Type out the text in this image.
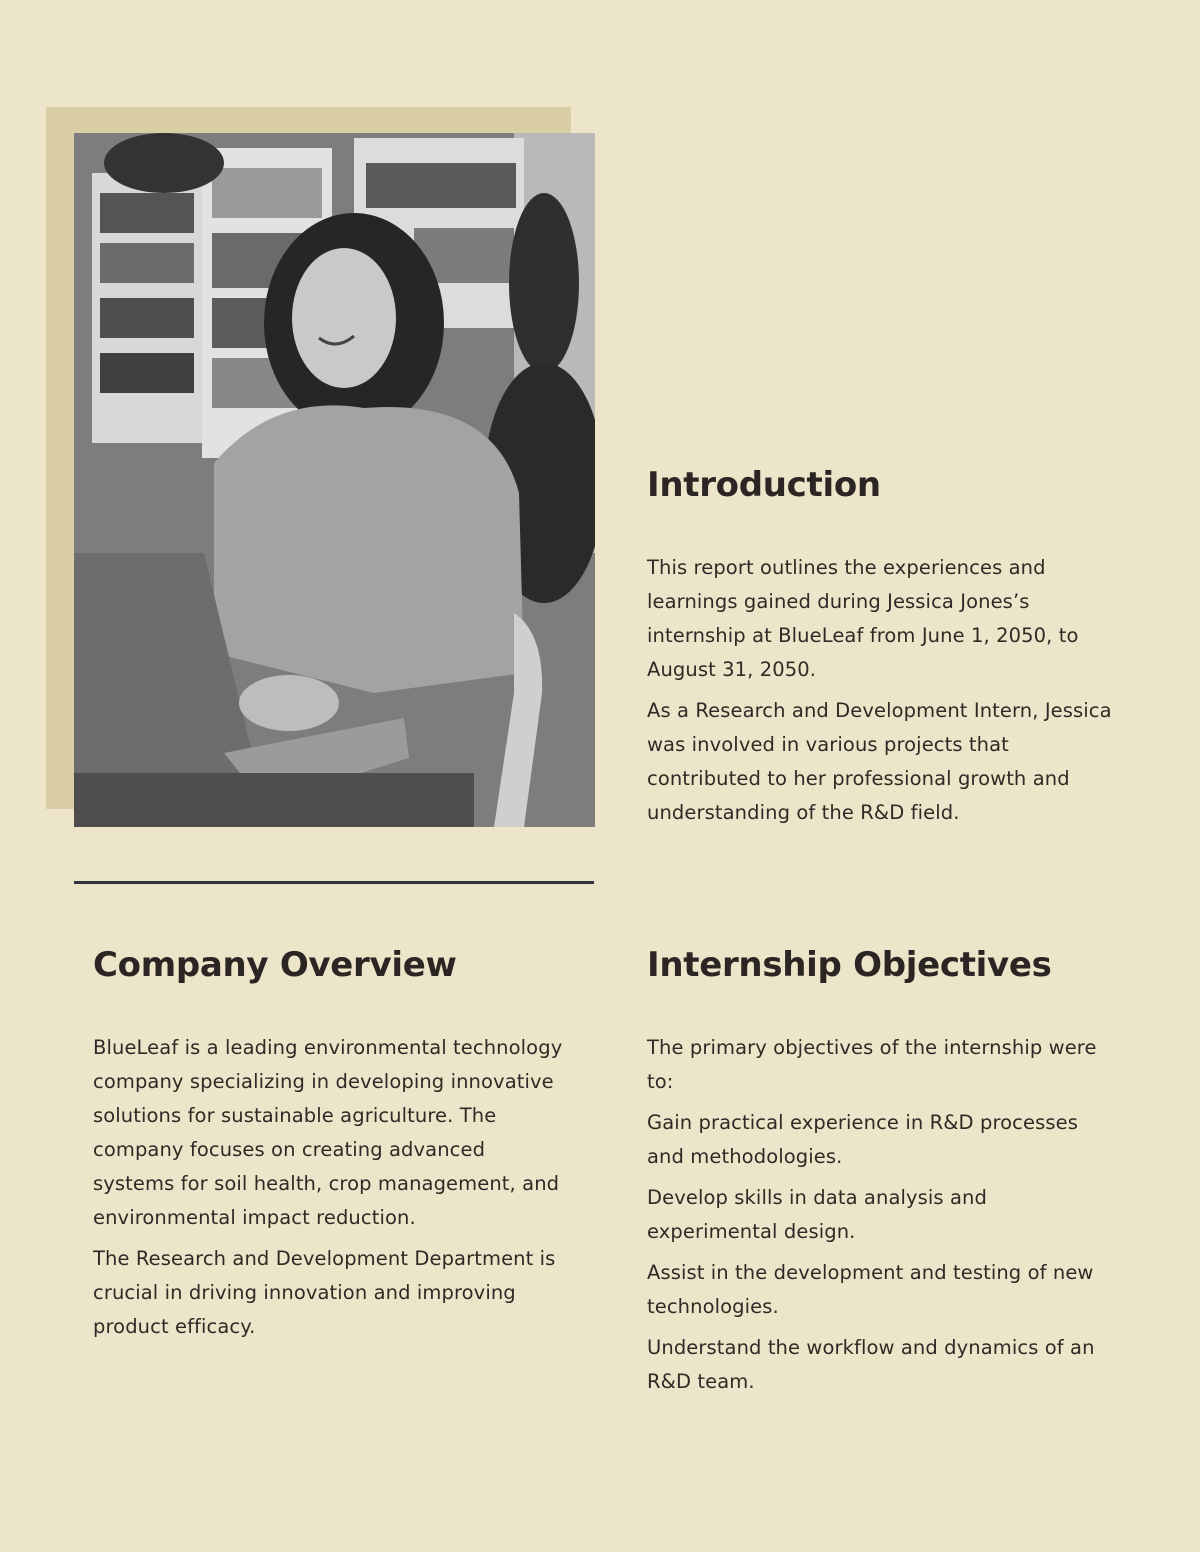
Introduction

This report outlines the experiences and learnings gained during Jessica Jones’s internship at BlueLeaf from June 1, 2050, to August 31, 2050.

As a Research and Development Intern, Jessica was involved in various projects that contributed to her professional growth and understanding of the R&D field.

Company Overview

BlueLeaf is a leading environmental technology company specializing in developing innovative solutions for sustainable agriculture. The company focuses on creating advanced systems for soil health, crop management, and environmental impact reduction.

The Research and Development Department is crucial in driving innovation and improving product efficacy.

Internship Objectives

The primary objectives of the internship were to:

Gain practical experience in R&D processes and methodologies.

Develop skills in data analysis and experimental design.

Assist in the development and testing of new technologies.

Understand the workflow and dynamics of an R&D team.
